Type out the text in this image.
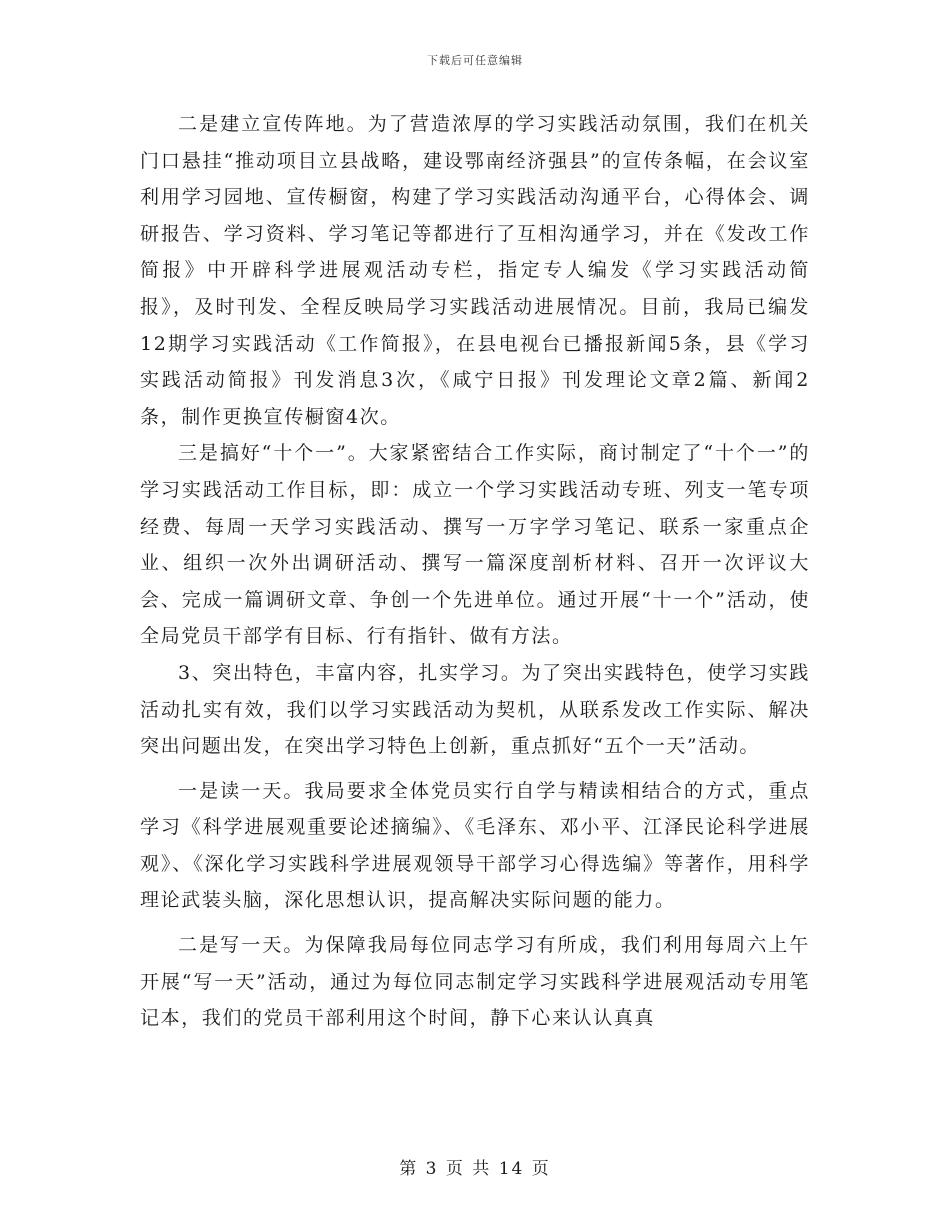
下载后可任意编辑

二是建立宣传阵地。为了营造浓厚的学习实践活动氛围，我们在机关门口悬挂“推动项目立县战略，建设鄂南经济强县”的宣传条幅，在会议室利用学习园地、宣传橱窗，构建了学习实践活动沟通平台，心得体会、调研报告、学习资料、学习笔记等都进行了互相沟通学习，并在《发改工作简报》中开辟科学进展观活动专栏，指定专人编发《学习实践活动简报》，及时刊发、全程反映局学习实践活动进展情况。目前，我局已编发12期学习实践活动《工作简报》，在县电视台已播报新闻5条，县《学习实践活动简报》刊发消息3次，《咸宁日报》刊发理论文章2篇、新闻2条，制作更换宣传橱窗4次。

三是搞好“十个一”。大家紧密结合工作实际，商讨制定了“十个一”的学习实践活动工作目标，即：成立一个学习实践活动专班、列支一笔专项经费、每周一天学习实践活动、撰写一万字学习笔记、联系一家重点企业、组织一次外出调研活动、撰写一篇深度剖析材料、召开一次评议大会、完成一篇调研文章、争创一个先进单位。通过开展“十一个”活动，使全局党员干部学有目标、行有指针、做有方法。

3、突出特色，丰富内容，扎实学习。为了突出实践特色，使学习实践活动扎实有效，我们以学习实践活动为契机，从联系发改工作实际、解决突出问题出发，在突出学习特色上创新，重点抓好“五个一天”活动。

一是读一天。我局要求全体党员实行自学与精读相结合的方式，重点学习《科学进展观重要论述摘编》、《毛泽东、邓小平、江泽民论科学进展观》、《深化学习实践科学进展观领导干部学习心得选编》等著作，用科学理论武装头脑，深化思想认识，提高解决实际问题的能力。

二是写一天。为保障我局每位同志学习有所成，我们利用每周六上午开展“写一天”活动，通过为每位同志制定学习实践科学进展观活动专用笔记本，我们的党员干部利用这个时间，静下心来认认真真

第 3 页 共 14 页
